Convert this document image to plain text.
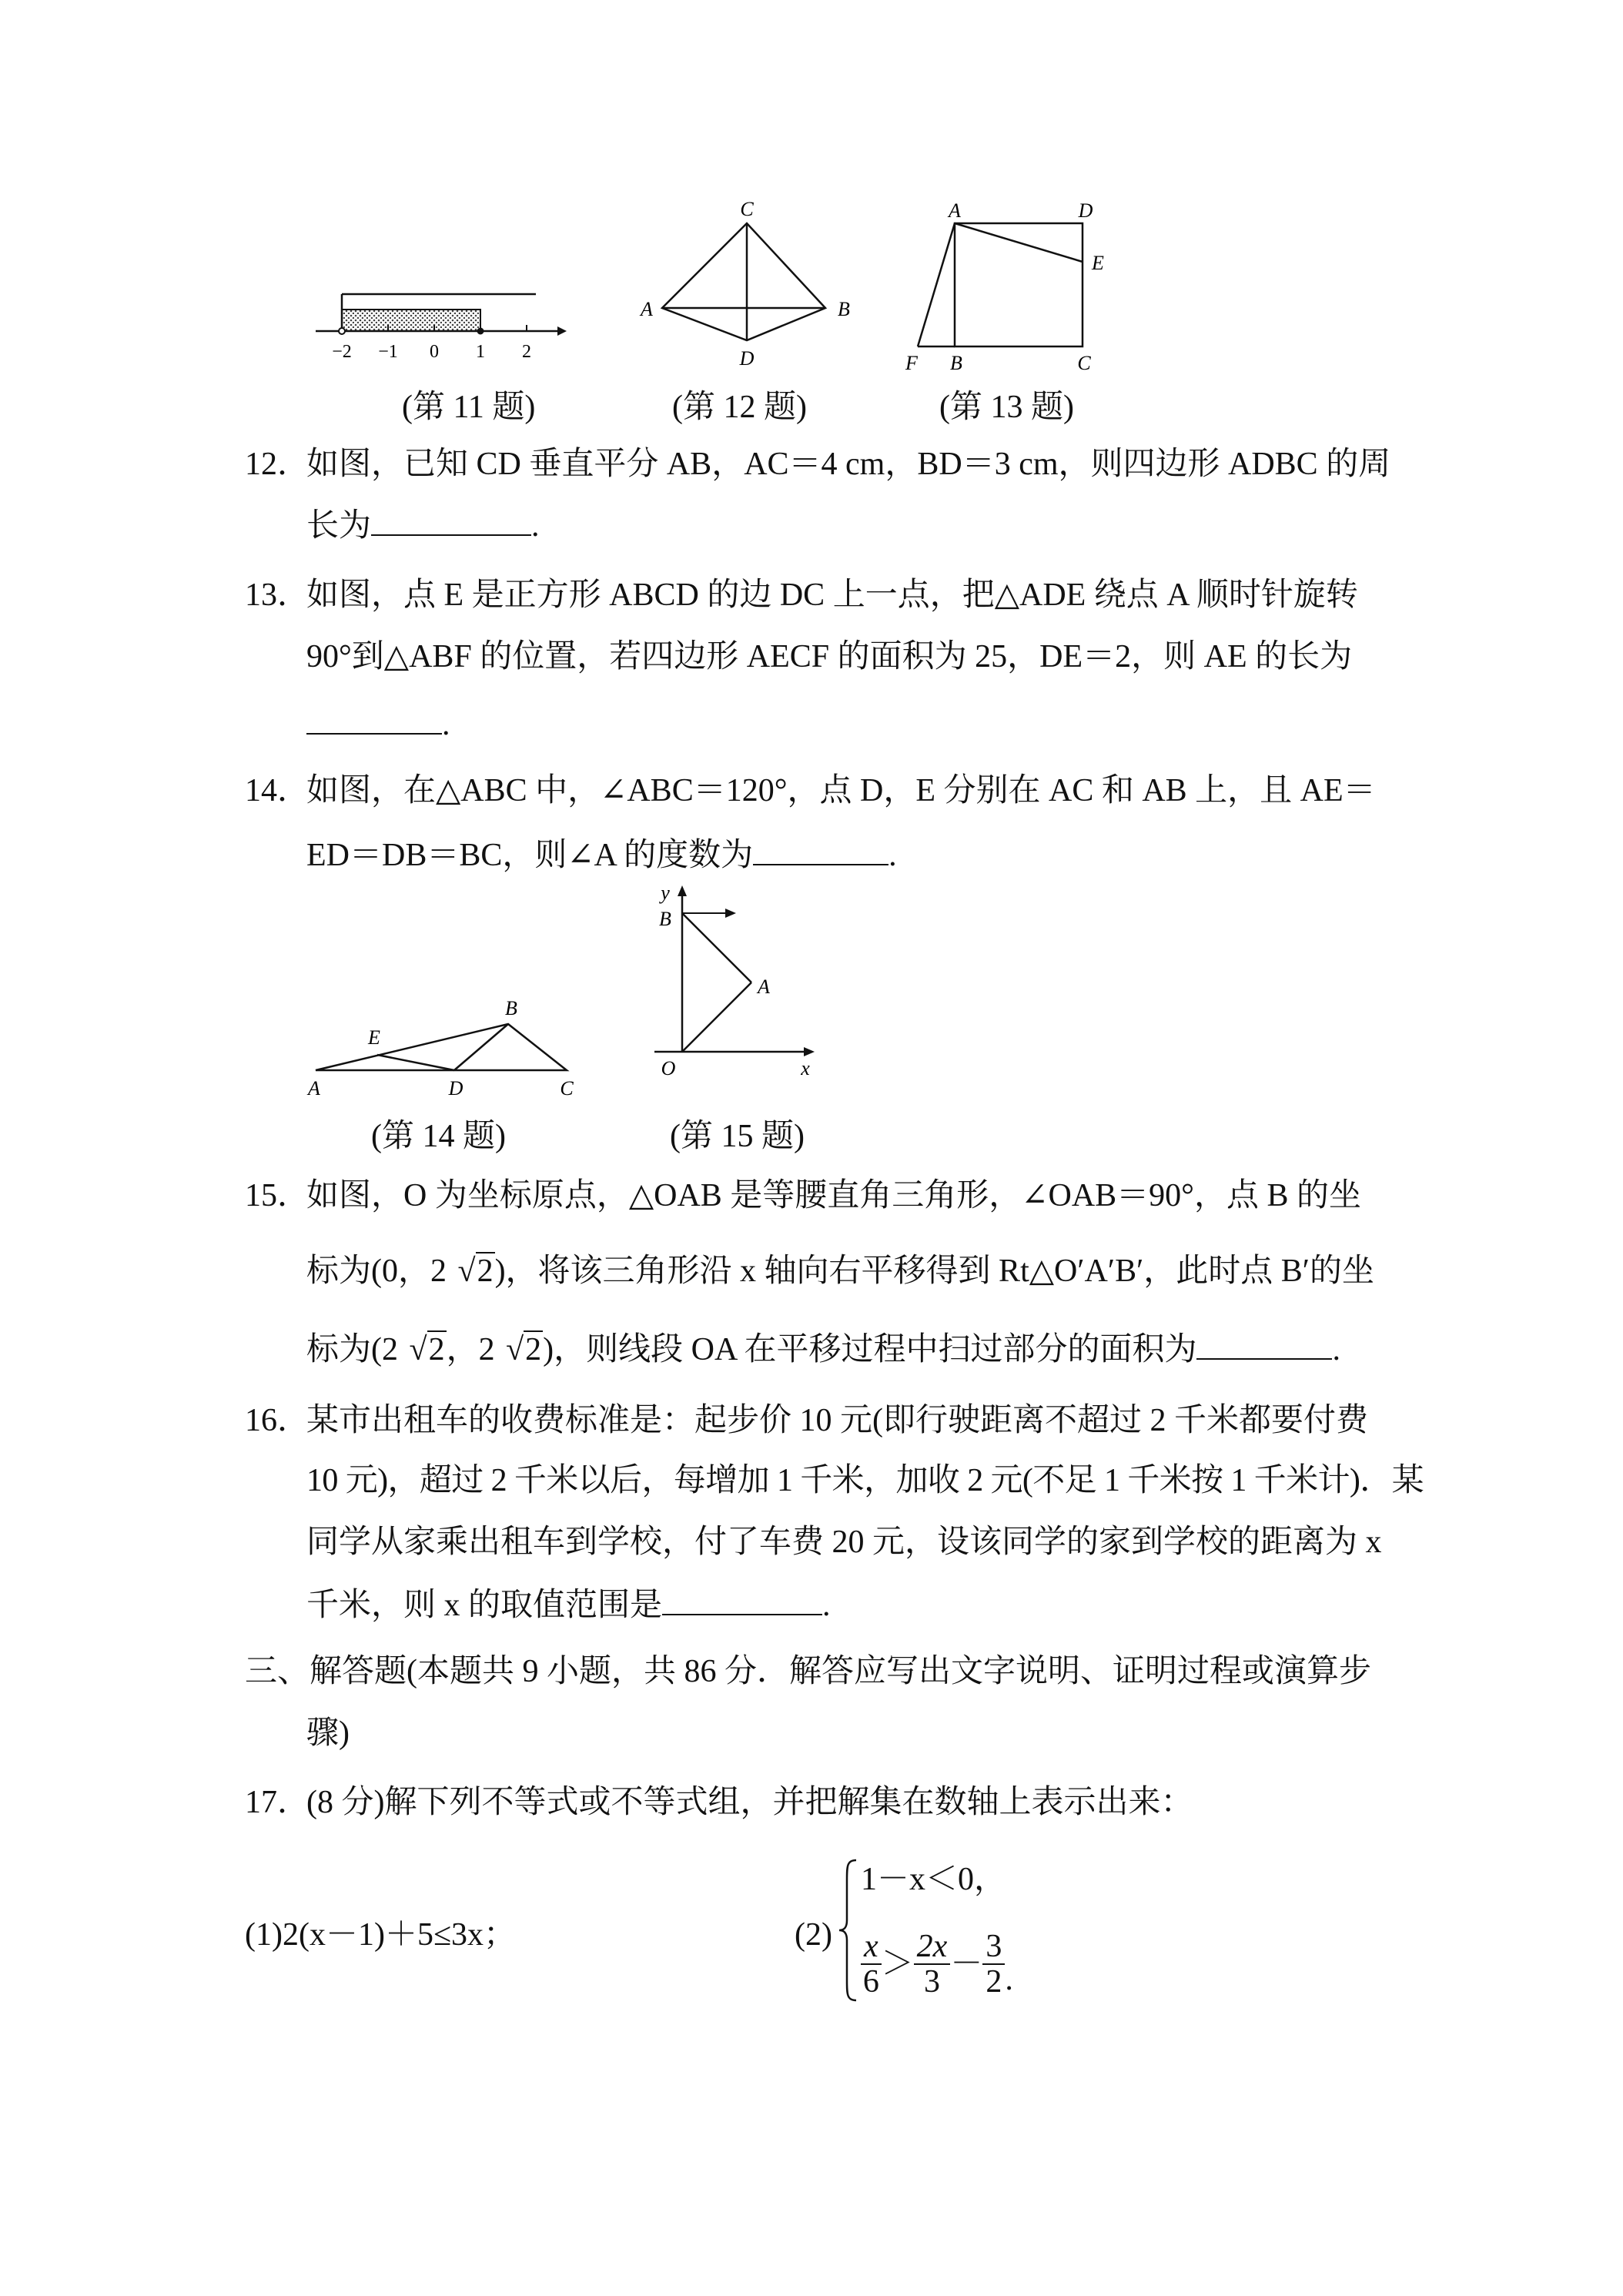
−2 −1 0 1 2
(第 11 题)
C
A	B
D
(第 12 题)
A	D
E
F B	C
(第 13 题)
12．
如图，已知 CD 垂直平分 AB，AC＝4 cm，BD＝3 cm，则四边形 ADBC 的周
长为	.
13．
如图，点 E 是正方形 ABCD 的边 DC 上一点，把△ADE 绕点 A 顺时针旋转
90°到△ABF 的位置，若四边形 AECF 的面积为 25，DE＝2，则 AE 的长为
.
14．
如图，在△ABC 中，∠ABC＝120°，点 D，E 分别在 AC 和 AB 上，且 AE＝
ED＝DB＝BC，则∠A 的度数为	.
A
E
D
B
C
(第 14 题)
y
B
A
O	x
(第 15 题)
15．
如图，O 为坐标原点，△OAB 是等腰直角三角形，∠OAB＝90°，点 B 的坐
标为(0，2 √2)，将该三角形沿 x 轴向右平移得到 Rt△O′A′B′，此时点 B′的坐
标为(2 √2，2 √2)，则线段 OA 在平移过程中扫过部分的面积为	.
16．
某市出租车的收费标准是：起步价 10 元(即行驶距离不超过 2 千米都要付费
10 元)，超过 2 千米以后，每增加 1 千米，加收 2 元(不足 1 千米按 1 千米计)．某
同学从家乘出租车到学校，付了车费 20 元，设该同学的家到学校的距离为 x
千米，则 x 的取值范围是	.
三、解答题(本题共 9 小题，共 86 分．解答应写出文字说明、证明过程或演算步
骤)
17．
(8 分)解下列不等式或不等式组，并把解集在数轴上表示出来：
(1)2(x－1)＋5≤3x；	(2)
1－x＜0，
$\frac{x}{6} > \frac{2x}{3} - \frac{3}{2}$ .
